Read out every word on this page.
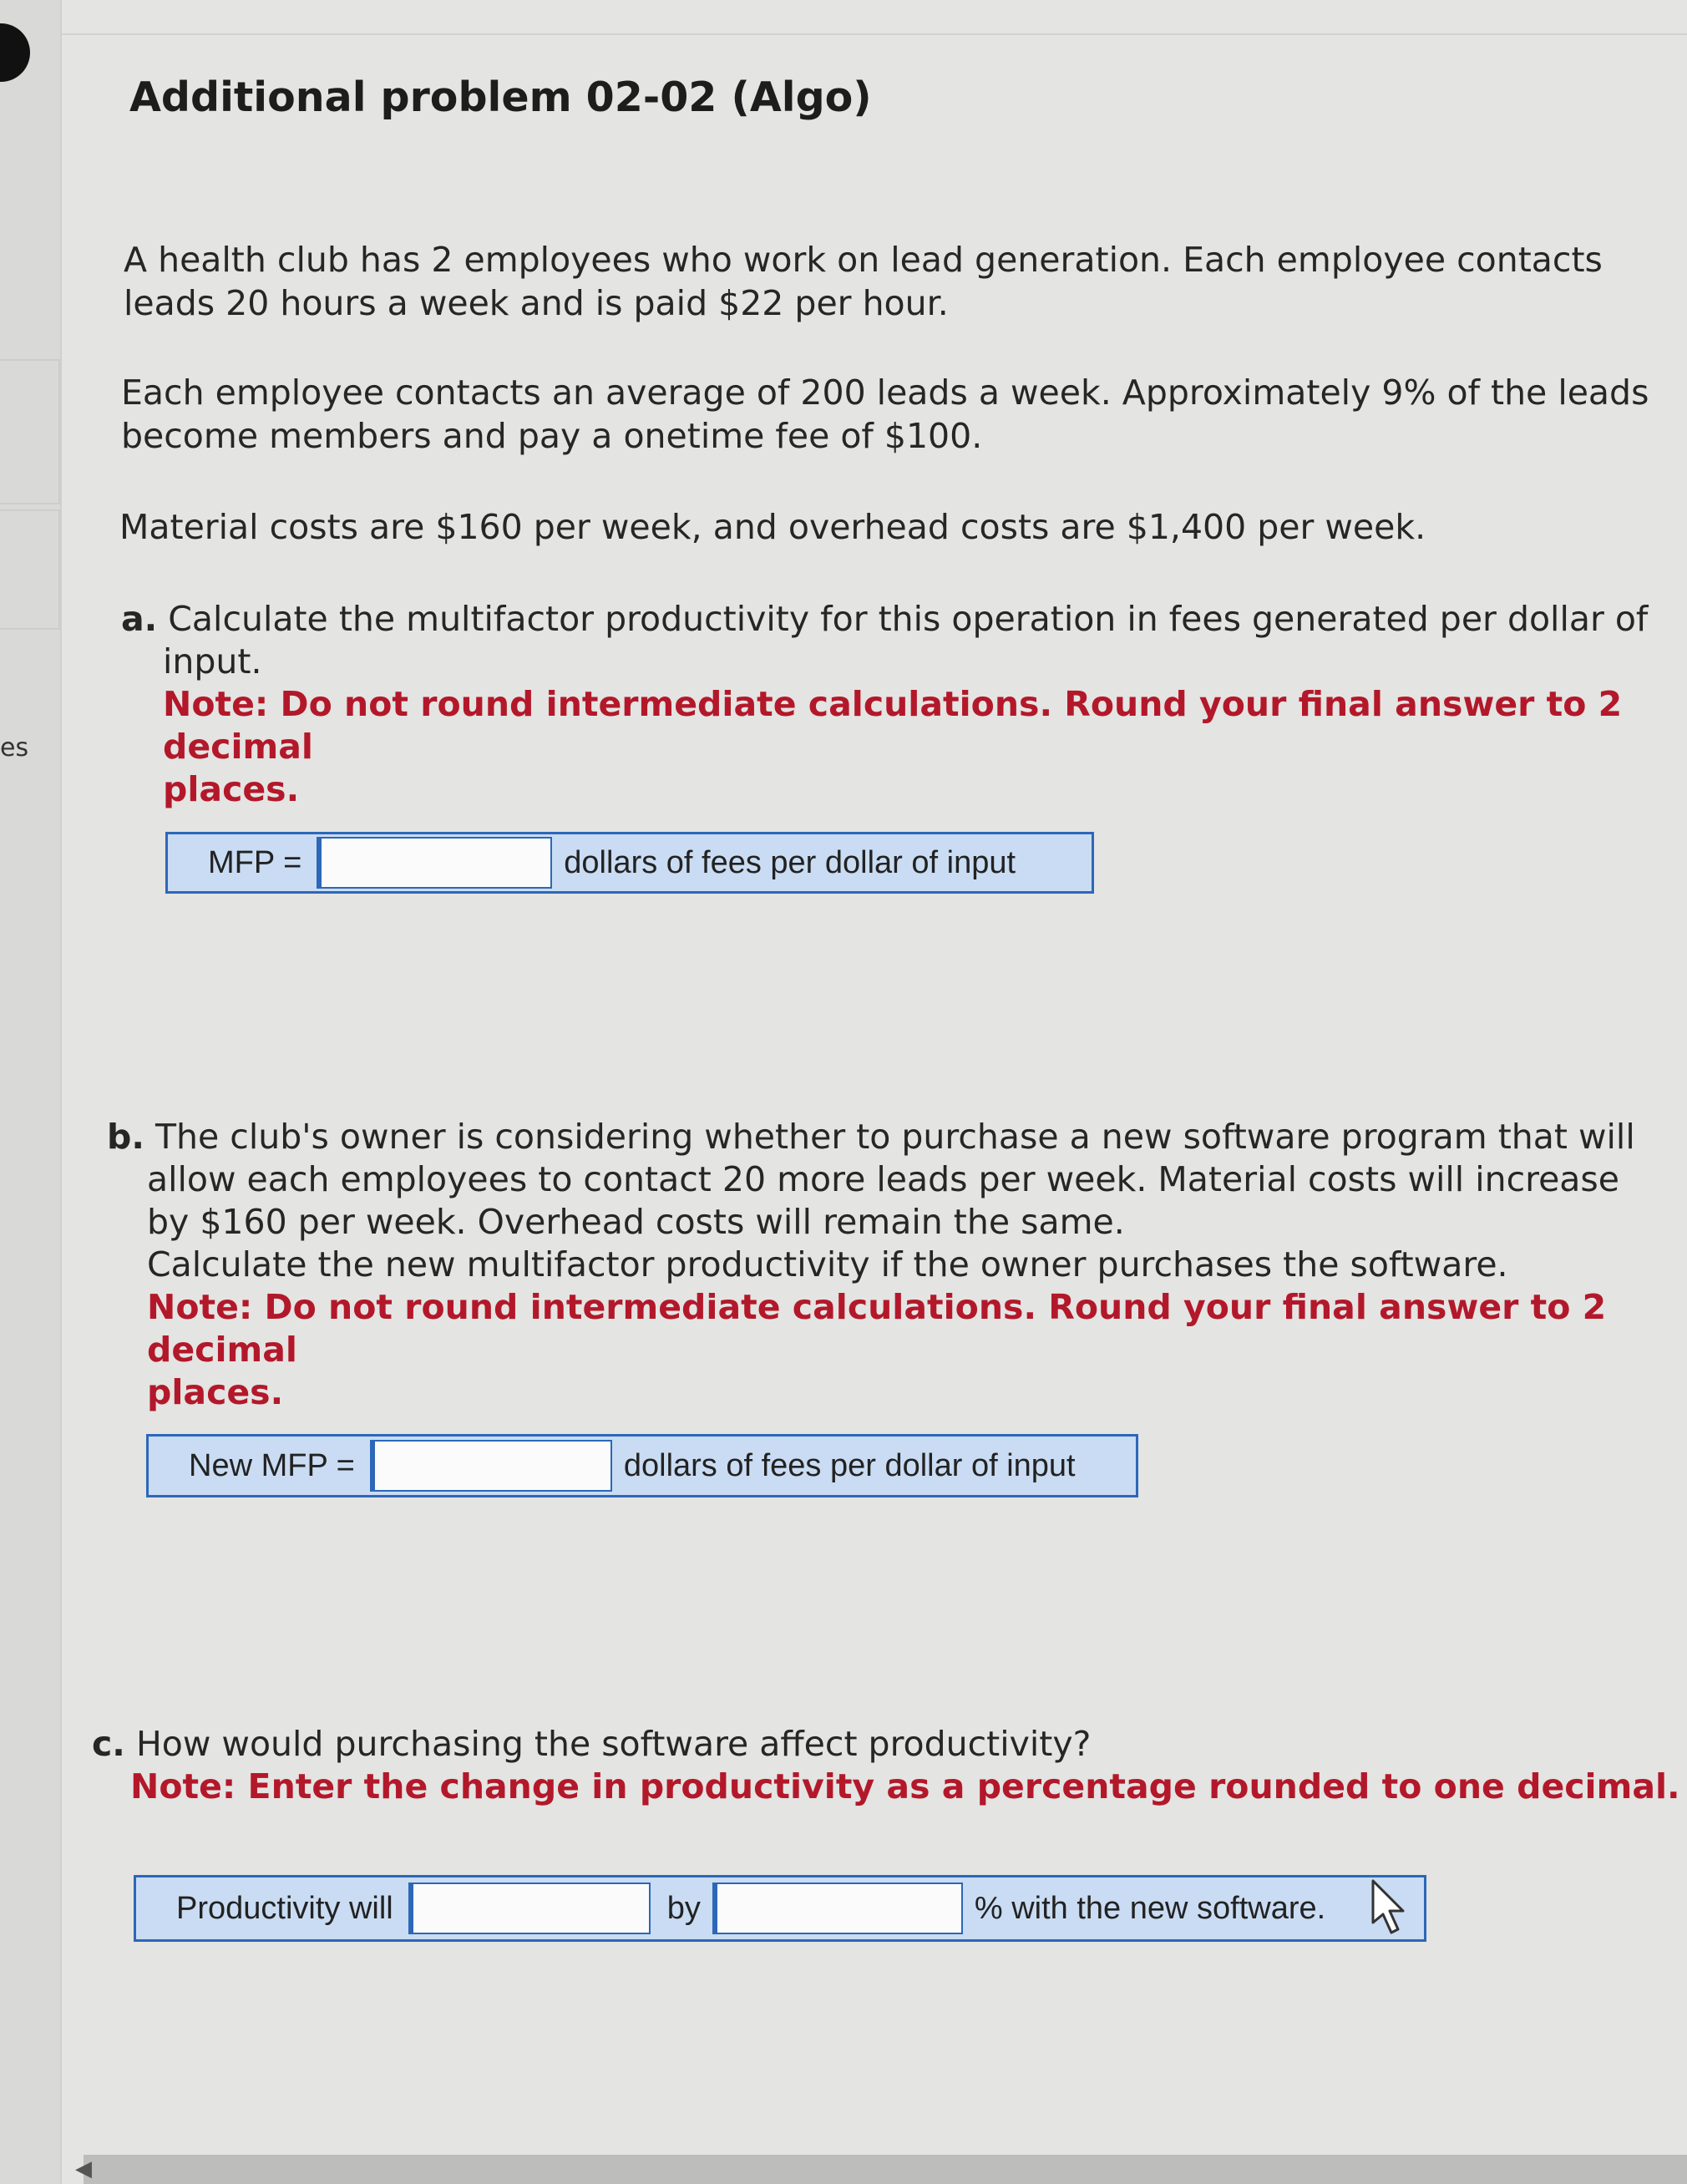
es
Additional problem 02-02 (Algo)
A health club has 2 employees who work on lead generation. Each employee contacts
leads 20 hours a week and is paid $22 per hour.
Each employee contacts an average of 200 leads a week. Approximately 9% of the leads
become members and pay a onetime fee of $100.
Material costs are $160 per week, and overhead costs are $1,400 per week.
a. Calculate the multifactor productivity for this operation in fees generated per dollar of
input.
Note: Do not round intermediate calculations. Round your final answer to 2 decimal
places.
MFP =	dollars of fees per dollar of input
b. The club's owner is considering whether to purchase a new software program that will
allow each employees to contact 20 more leads per week. Material costs will increase
by $160 per week. Overhead costs will remain the same.
Calculate the new multifactor productivity if the owner purchases the software.
Note: Do not round intermediate calculations. Round your final answer to 2 decimal
places.
New MFP =	dollars of fees per dollar of input
c. How would purchasing the software affect productivity?
Note: Enter the change in productivity as a percentage rounded to one decimal.
Productivity will	by	% with the new software.
◀
